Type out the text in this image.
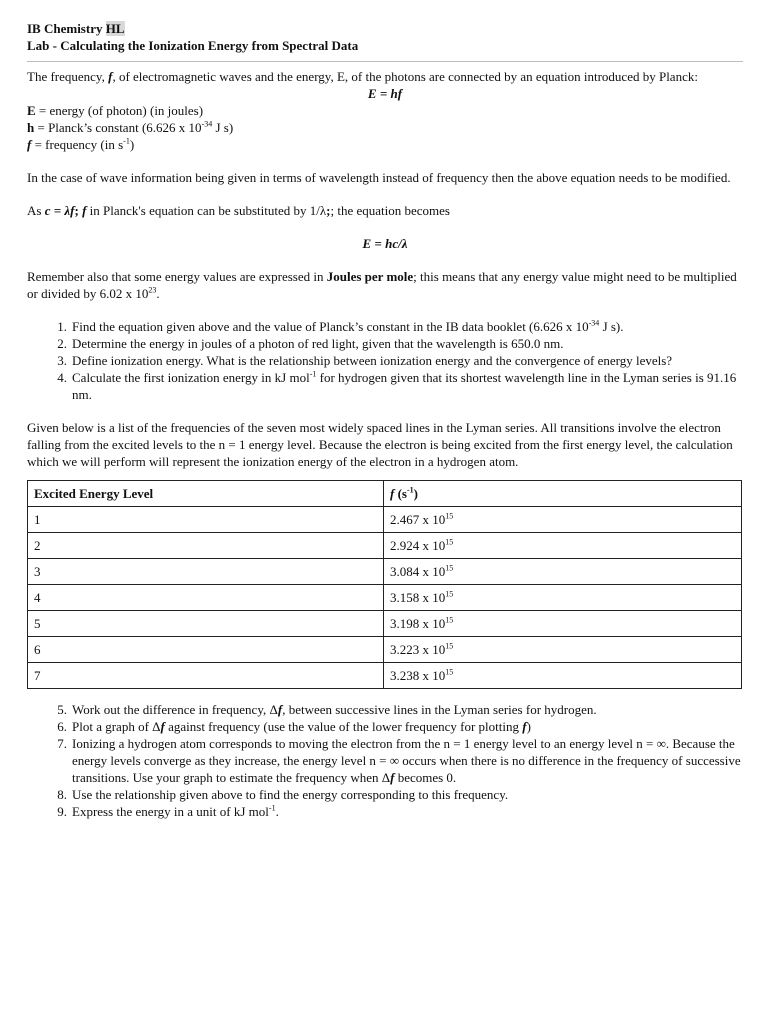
IB Chemistry HL
Lab - Calculating the Ionization Energy from Spectral Data

The frequency, f, of electromagnetic waves and the energy, E, of the photons are connected by an equation introduced by Planck:

E = hf

E = energy (of photon) (in joules)

h = Planck’s constant (6.626 x $10^{-34}$ J s)

f = frequency (in $s^{-1}$)

In the case of wave information being given in terms of wavelength instead of frequency then the above equation needs to be modified.

As c = λf; f in Planck's equation can be substituted by 1/λ;; the equation becomes

E = hc/λ

Remember also that some energy values are expressed in Joules per mole; this means that any energy value might need to be multiplied or divided by 6.02 x $10^{23}$.

1. Find the equation given above and the value of Planck’s constant in the IB data booklet (6.626 x $10^{-34}$ J s).
2. Determine the energy in joules of a photon of red light, given that the wavelength is 650.0 nm.
3. Define ionization energy. What is the relationship between ionization energy and the convergence of energy levels?
4. Calculate the first ionization energy in kJ mol$^{-1}$ for hydrogen given that its shortest wavelength line in the Lyman series is 91.16 nm.

Given below is a list of the frequencies of the seven most widely spaced lines in the Lyman series. All transitions involve the electron falling from the excited levels to the n = 1 energy level. Because the electron is being excited from the first energy level, the calculation which we will perform will represent the ionization energy of the electron in a hydrogen atom.

Excited Energy Level	f $(s^{-1})$
1	2.467 x $10^{15}$
2	2.924 x $10^{15}$
3	3.084 x $10^{15}$
4	3.158 x $10^{15}$
5	3.198 x $10^{15}$
6	3.223 x $10^{15}$
7	3.238 x $10^{15}$
5. Work out the difference in frequency, Δf, between successive lines in the Lyman series for hydrogen.
6. Plot a graph of Δf against frequency (use the value of the lower frequency for plotting f)
7. Ionizing a hydrogen atom corresponds to moving the electron from the n = 1 energy level to an energy level n = ∞. Because the energy levels converge as they increase, the energy level n = ∞ occurs when there is no difference in the frequency of successive transitions. Use your graph to estimate the frequency when Δf becomes 0.
8. Use the relationship given above to find the energy corresponding to this frequency.
9. Express the energy in a unit of kJ mol$^{-1}$.
